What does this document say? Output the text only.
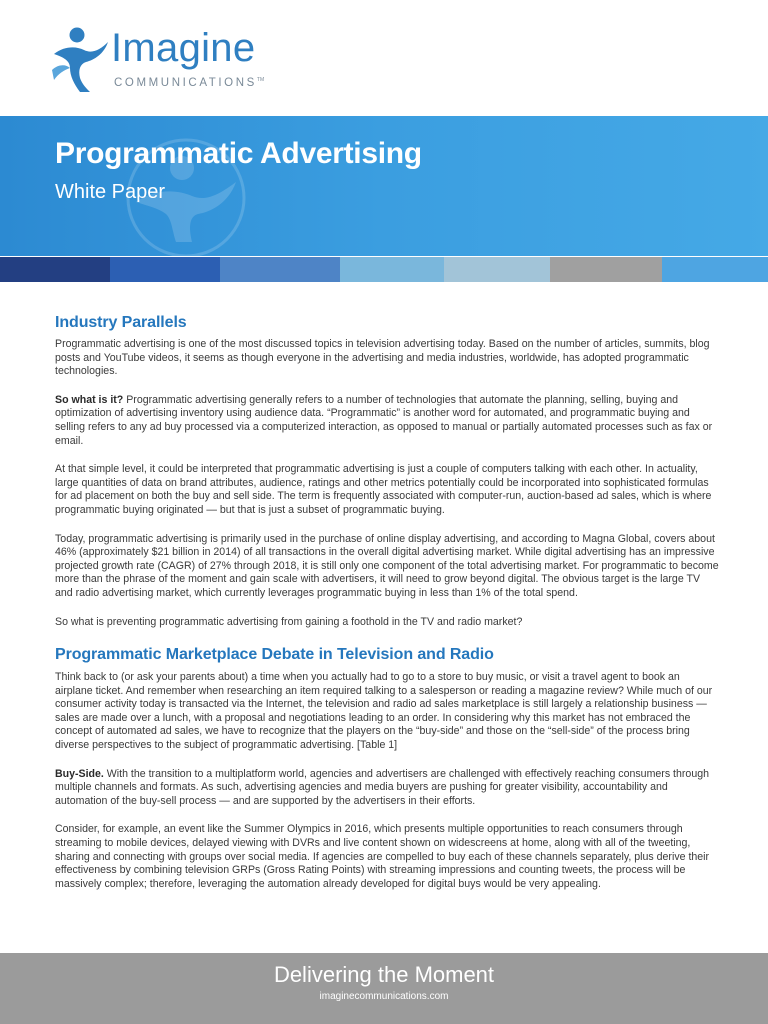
Imagine
COMMUNICATIONS™
Programmatic Advertising
White Paper
Industry Parallels

Programmatic advertising is one of the most discussed topics in television advertising today. Based on the number of articles, summits, blog posts and YouTube videos, it seems as though everyone in the advertising and media industries, worldwide, has adopted programmatic technologies.

So what is it? Programmatic advertising generally refers to a number of technologies that automate the planning, selling, buying and optimization of advertising inventory using audience data. “Programmatic” is another word for automated, and programmatic buying and selling refers to any ad buy processed via a computerized interaction, as opposed to manual or partially automated processes such as fax or email.

At that simple level, it could be interpreted that programmatic advertising is just a couple of computers talking with each other. In actuality, large quantities of data on brand attributes, audience, ratings and other metrics potentially could be incorporated into sophisticated formulas for ad placement on both the buy and sell side. The term is frequently associated with computer-run, auction-based ad sales, which is where programmatic buying originated — but that is just a subset of programmatic buying.

Today, programmatic advertising is primarily used in the purchase of online display advertising, and according to Magna Global, covers about 46% (approximately $21 billion in 2014) of all transactions in the overall digital advertising market. While digital advertising has an impressive projected growth rate (CAGR) of 27% through 2018, it is still only one component of the total advertising market. For programmatic to become more than the phrase of the moment and gain scale with advertisers, it will need to grow beyond digital. The obvious target is the large TV and radio advertising market, which currently leverages programmatic buying in less than 1% of the total spend.

So what is preventing programmatic advertising from gaining a foothold in the TV and radio market?

Programmatic Marketplace Debate in Television and Radio

Think back to (or ask your parents about) a time when you actually had to go to a store to buy music, or visit a travel agent to book an airplane ticket. And remember when researching an item required talking to a salesperson or reading a magazine review? While much of our consumer activity today is transacted via the Internet, the television and radio ad sales marketplace is still largely a relationship business — sales are made over a lunch, with a proposal and negotiations leading to an order. In considering why this market has not embraced the concept of automated ad sales, we have to recognize that the players on the “buy-side” and those on the “sell-side” of the process bring diverse perspectives to the subject of programmatic advertising. [Table 1]

Buy-Side. With the transition to a multiplatform world, agencies and advertisers are challenged with effectively reaching consumers through multiple channels and formats. As such, advertising agencies and media buyers are pushing for greater visibility, accountability and automation of the buy-sell process — and are supported by the advertisers in their efforts.

Consider, for example, an event like the Summer Olympics in 2016, which presents multiple opportunities to reach consumers through streaming to mobile devices, delayed viewing with DVRs and live content shown on widescreens at home, along with all of the tweeting, sharing and connecting with groups over social media. If agencies are compelled to buy each of these channels separately, plus derive their effectiveness by combining television GRPs (Gross Rating Points) with streaming impressions and counting tweets, the process will be massively complex; therefore, leveraging the automation already developed for digital buys would be very appealing.

Delivering the Moment
imaginecommunications.com
